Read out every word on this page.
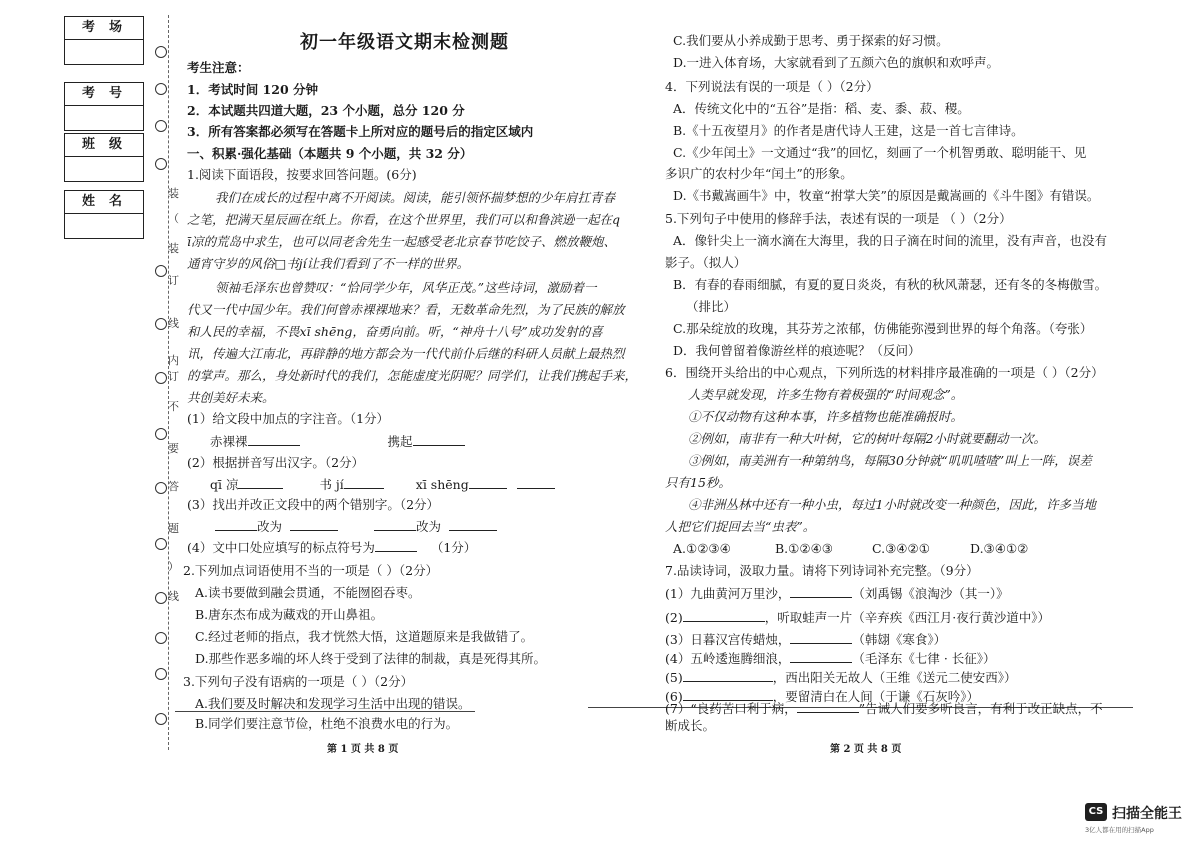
考场
考号
班级
姓名
装
（
装
订
线
内
订
不
要
答
题
）
线
初一年级语文期末检测题
考生注意：
1．考试时间 120 分钟
2．本试题共四道大题，23 个小题，总分 120 分
3．所有答案都必须写在答题卡上所对应的题号后的指定区域内
一、积累·强化基础（本题共 9 个小题，共 32 分）
1.阅读下面语段，按要求回答问题。(6分)
我们在成长的过程中离不开阅读。阅读，能引领怀揣梦想的少年肩扛青春
之笔，把满天星辰画在纸上。你看，在这个世界里，我们可以和鲁滨逊一起在q
ī凉的荒岛中求生，也可以同老舍先生一起感受老北京春节吃饺子、燃放鞭炮、
通宵守岁的风俗□书jí让我们看到了不一样的世界。
领袖毛泽东也曾赞叹：“恰同学少年，风华正茂。”这些诗词，激励着一
代又一代中国少年。我们何曾赤裸裸地来？看，无数革命先烈，为了民族的解放
和人民的幸福，不畏xī shēng，奋勇向前。听，“神舟十八号”成功发射的喜
讯，传遍大江南北，再辟静的地方都会为一代代前仆后继的科研人员献上最热烈
的掌声。那么，身处新时代的我们，怎能虚度光阴呢？同学们，让我们携起手来，
共创美好未来。
(1）给文段中加点的字注音。（1分）
赤裸裸	携起
(2）根据拼音写出汉字。（2分）
qī 凉	书 jí	xī shēng
(3）找出并改正文段中的两个错别字。（2分）
改为	改为
(4）文中口处应填写的标点符号为	（1分）
2.下列加点词语使用不当的一项是（ ）（2分）
A.读书要做到融会贯通，不能囫囵吞枣。
B.唐东杰布成为藏戏的开山鼻祖。
C.经过老师的指点，我才恍然大悟，这道题原来是我做错了。
D.那些作恶多端的坏人终于受到了法律的制裁，真是死得其所。
3.下列句子没有语病的一项是（ ）（2分）
A.我们要及时解决和发现学习生活中出现的错误。
B.同学们要注意节俭，杜绝不浪费水电的行为。
第 1 页 共 8 页
C.我们要从小养成勤于思考、勇于探索的好习惯。
D.一进入体育场，大家就看到了五颜六色的旗帜和欢呼声。
4．下列说法有误的一项是（ ）（2分）
A．传统文化中的“五谷”是指：稻、麦、黍、菽、稷。
B.《十五夜望月》的作者是唐代诗人王建，这是一首七言律诗。
C.《少年闰土》一文通过“我”的回忆，刻画了一个机智勇敢、聪明能干、见
多识广的农村少年“闰土”的形象。
D.《书戴嵩画牛》中，牧童“拊掌大笑”的原因是戴嵩画的《斗牛图》有错误。
5.下列句子中使用的修辞手法，表述有误的一项是 （ ）（2分）
A．像针尖上一滴水滴在大海里，我的日子滴在时间的流里，没有声音，也没有
影子。（拟人）
B．有春的春雨细腻，有夏的夏日炎炎，有秋的秋风萧瑟，还有冬的冬梅傲雪。
（排比）
C.那朵绽放的玫瑰，其芬芳之浓郁，仿佛能弥漫到世界的每个角落。（夸张）
D．我何曾留着像游丝样的痕迹呢？（反问）
6．围绕开头给出的中心观点，下列所选的材料排序最准确的一项是（ ）（2分）
人类早就发现，许多生物有着极强的“时间观念”。
①不仅动物有这种本事，许多植物也能准确报时。
②例如，南非有一种大叶树，它的树叶每隔2小时就要翻动一次。
③例如，南美洲有一种第纳鸟，每隔30分钟就“叽叽喳喳”叫上一阵，误差
只有15秒。
④非洲丛林中还有一种小虫，每过1小时就改变一种颜色，因此，许多当地
人把它们捉回去当“虫表”。
A.①②③④	B.①②④③	C.③④②①	D.③④①②
7.品读诗词，汲取力量。请将下列诗词补充完整。（9分）
(1）九曲黄河万里沙，	（刘禹锡《浪淘沙（其一）》
(2)	，听取蛙声一片（辛弃疾《西江月·夜行黄沙道中》）
(3）日暮汉宫传蜡烛，	（韩翃《寒食》）
(4）五岭逶迤腾细浪，	（毛泽东《七律 · 长征》）
(5)	，西出阳关无故人（王维《送元二使安西》）
(6)	，要留清白在人间（于谦《石灰吟》）
(7）“良药苦口利于病，	”告诫人们要多听良言，有利于改正缺点，不
断成长。
第 2 页 共 8 页
CS 扫描全能王
3亿人都在用的扫描App
